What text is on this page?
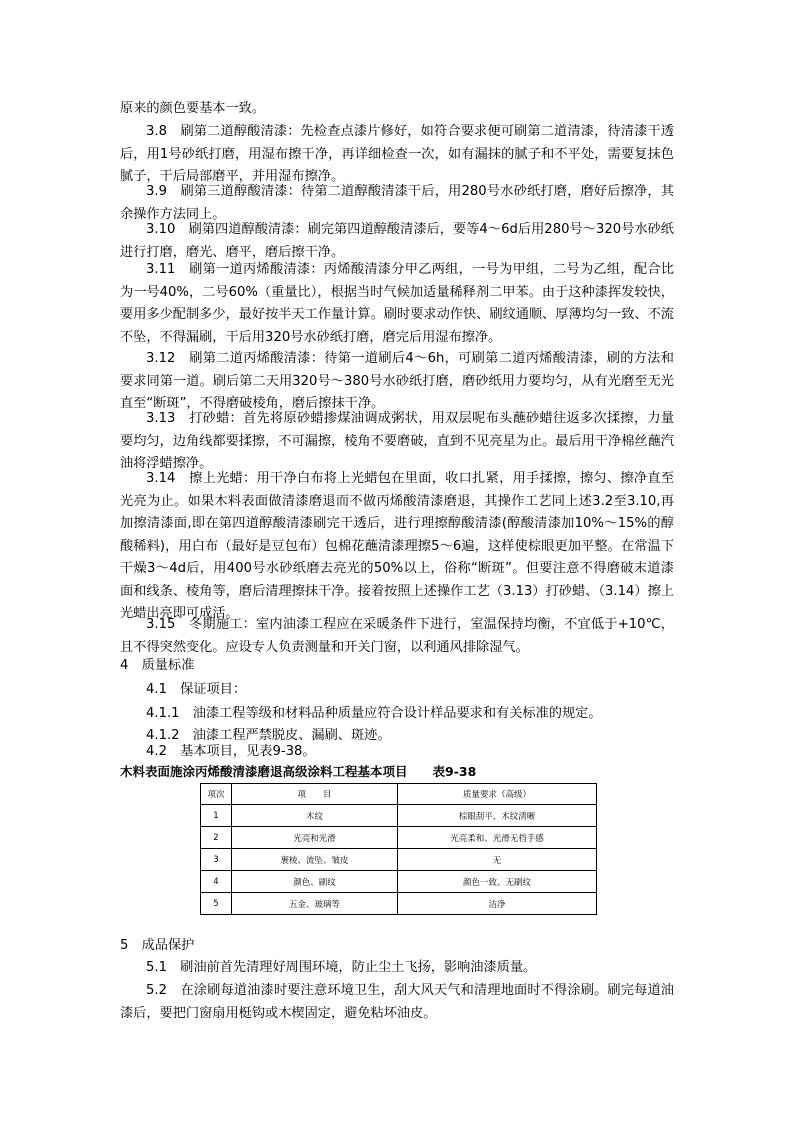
原来的颜色要基本一致。

3.8　刷第二道醇酸清漆：先检查点漆片修好，如符合要求便可刷第二道清漆，待清漆干透后，用1号砂纸打磨，用湿布擦干净，再详细检查一次，如有漏抹的腻子和不平处，需要复抹色腻子，干后局部磨平，并用湿布擦净。

3.9　刷第三道醇酸清漆：待第二道醇酸清漆干后，用280号水砂纸打磨，磨好后擦净，其余操作方法同上。

3.10　刷第四道醇酸清漆：刷完第四道醇酸清漆后，要等4～6d后用280号～320号水砂纸进行打磨，磨光、磨平，磨后擦干净。

3.11　刷第一道丙烯酸清漆：丙烯酸清漆分甲乙两组，一号为甲组，二号为乙组，配合比为一号40%，二号60%（重量比），根据当时气候加适量稀释剂二甲苯。由于这种漆挥发较快，要用多少配制多少，最好按半天工作量计算。刷时要求动作快、刷纹通顺、厚薄均匀一致、不流不坠，不得漏刷，干后用320号水砂纸打磨，磨完后用湿布擦净。

3.12　刷第二道丙烯酸清漆：待第一道刷后4～6h，可刷第二道丙烯酸清漆，刷的方法和要求同第一道。刷后第二天用320号～380号水砂纸打磨，磨砂纸用力要均匀，从有光磨至无光直至“断斑”，不得磨破棱角，磨后擦抹干净。

3.13　打砂蜡：首先将原砂蜡掺煤油调成粥状，用双层呢布头蘸砂蜡往返多次揉擦，力量要均匀，边角线都要揉擦，不可漏擦，棱角不要磨破，直到不见亮星为止。最后用干净棉丝蘸汽油将浮蜡擦净。

3.14　擦上光蜡：用干净白布将上光蜡包在里面，收口扎紧，用手揉擦，擦匀、擦净直至光亮为止。如果木料表面做清漆磨退而不做丙烯酸清漆磨退，其操作工艺同上述3.2至3.10,再加擦清漆面,即在第四道醇酸清漆刷完干透后，进行理擦醇酸清漆(醇酸清漆加10%～15%的醇酸稀料)，用白布（最好是豆包布）包棉花蘸清漆理擦5～6遍，这样使棕眼更加平整。在常温下干燥3～4d后，用400号水砂纸磨去亮光的50%以上，俗称“断斑”。但要注意不得磨破末道漆面和线条、棱角等，磨后清理擦抹干净。接着按照上述操作工艺（3.13）打砂蜡、（3.14）擦上光蜡出亮即可成活。

3.15　冬期施工：室内油漆工程应在采暖条件下进行，室温保持均衡，不宜低于+10℃，且不得突然变化。应设专人负责测量和开关门窗，以利通风排除湿气。

4　质量标准

4.1　保证项目：

4.1.1　油漆工程等级和材料品种质量应符合设计样品要求和有关标准的规定。

4.1.2　油漆工程严禁脱皮、漏刷、斑迹。

4.2　基本项目，见表9-38。

木料表面施涂丙烯酸清漆磨退高级涂料工程基本项目　　表9-38

项次	项　　目	质量要求（高级）
1	木纹	棕眼刮平、木纹清晰
2	光亮和光滑	光亮柔和、光滑无档手感
3	裹棱、流坠、皱皮	无
4	颜色、刷纹	颜色一致、无刷纹
5	五金、玻璃等	洁净

5　成品保护

5.1　刷油前首先清理好周围环境，防止尘土飞扬，影响油漆质量。

5.2　在涂刷每道油漆时要注意环境卫生，刮大风天气和清理地面时不得涂刷。刷完每道油漆后，要把门窗扇用梃钩或木楔固定，避免粘坏油皮。
